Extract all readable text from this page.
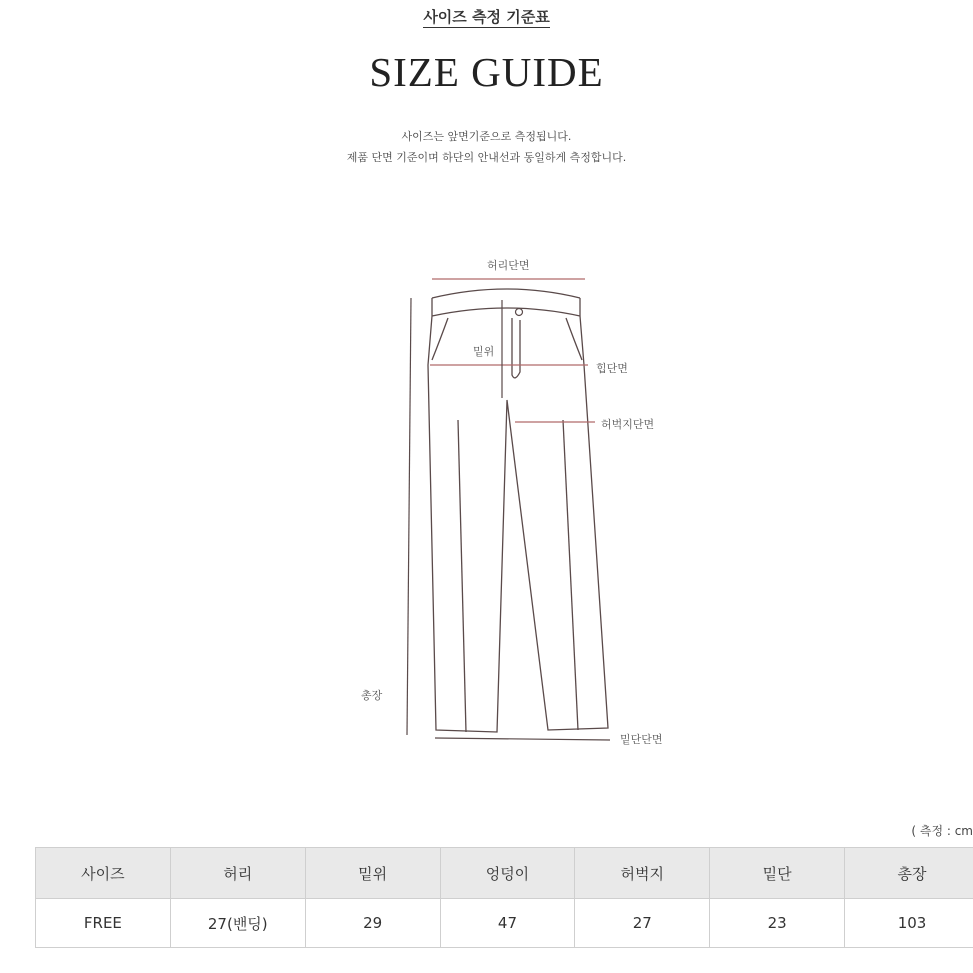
사이즈 측정 기준표
SIZE GUIDE
사이즈는 앞면기준으로 측정됩니다.
제품 단면 기준이며 하단의 안내선과 동일하게 측정합니다.
허리단면
밑위
힙단면
허벅지단면
총장
밑단단면
( 측정 : cm
사이즈	허리	밑위	엉덩이	허벅지	밑단	총장
FREE	27(밴딩)	29	47	27	23	103
